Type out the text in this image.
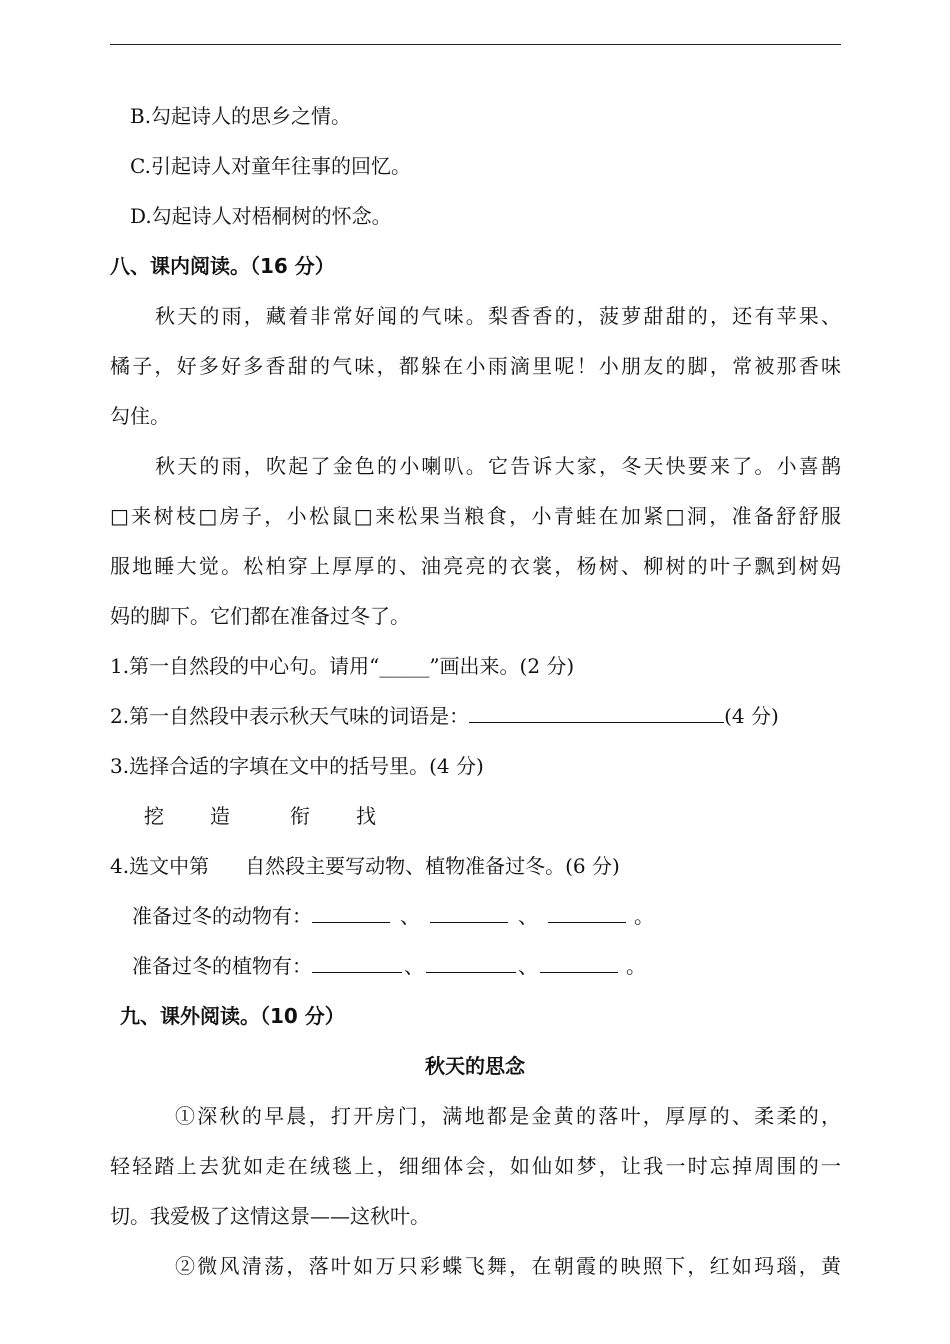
B.勾起诗人的思乡之情。
C.引起诗人对童年往事的回忆。
D.勾起诗人对梧桐树的怀念。
八、课内阅读。（16 分）
秋天的雨，藏着非常好闻的气味。梨香香的，菠萝甜甜的，还有苹果、
橘子，好多好多香甜的气味，都躲在小雨滴里呢！小朋友的脚，常被那香味
勾住。
秋天的雨，吹起了金色的小喇叭。它告诉大家，冬天快要来了。小喜鹊
□来树枝□房子，小松鼠□来松果当粮食，小青蛙在加紧□洞，准备舒舒服
服地睡大觉。松柏穿上厚厚的、油亮亮的衣裳，杨树、柳树的叶子飘到树妈
妈的脚下。它们都在准备过冬了。
1.第一自然段的中心句。请用“_____”画出来。(2 分)
2.第一自然段中表示秋天气味的词语是：	(4 分)
3.选择合适的字填在文中的括号里。(4 分)
挖 造	衔 找
4.选文中第 自然段主要写动物、植物准备过冬。(6 分)
准备过冬的动物有：	、	、	。
准备过冬的植物有：	、	、	。
九、课外阅读。（10 分）
秋天的思念
①深秋的早晨，打开房门，满地都是金黄的落叶，厚厚的、柔柔的，
轻轻踏上去犹如走在绒毯上，细细体会，如仙如梦，让我一时忘掉周围的一
切。我爱极了这情这景——这秋叶。
②微风清荡，落叶如万只彩蝶飞舞，在朝霞的映照下，红如玛瑙，黄
